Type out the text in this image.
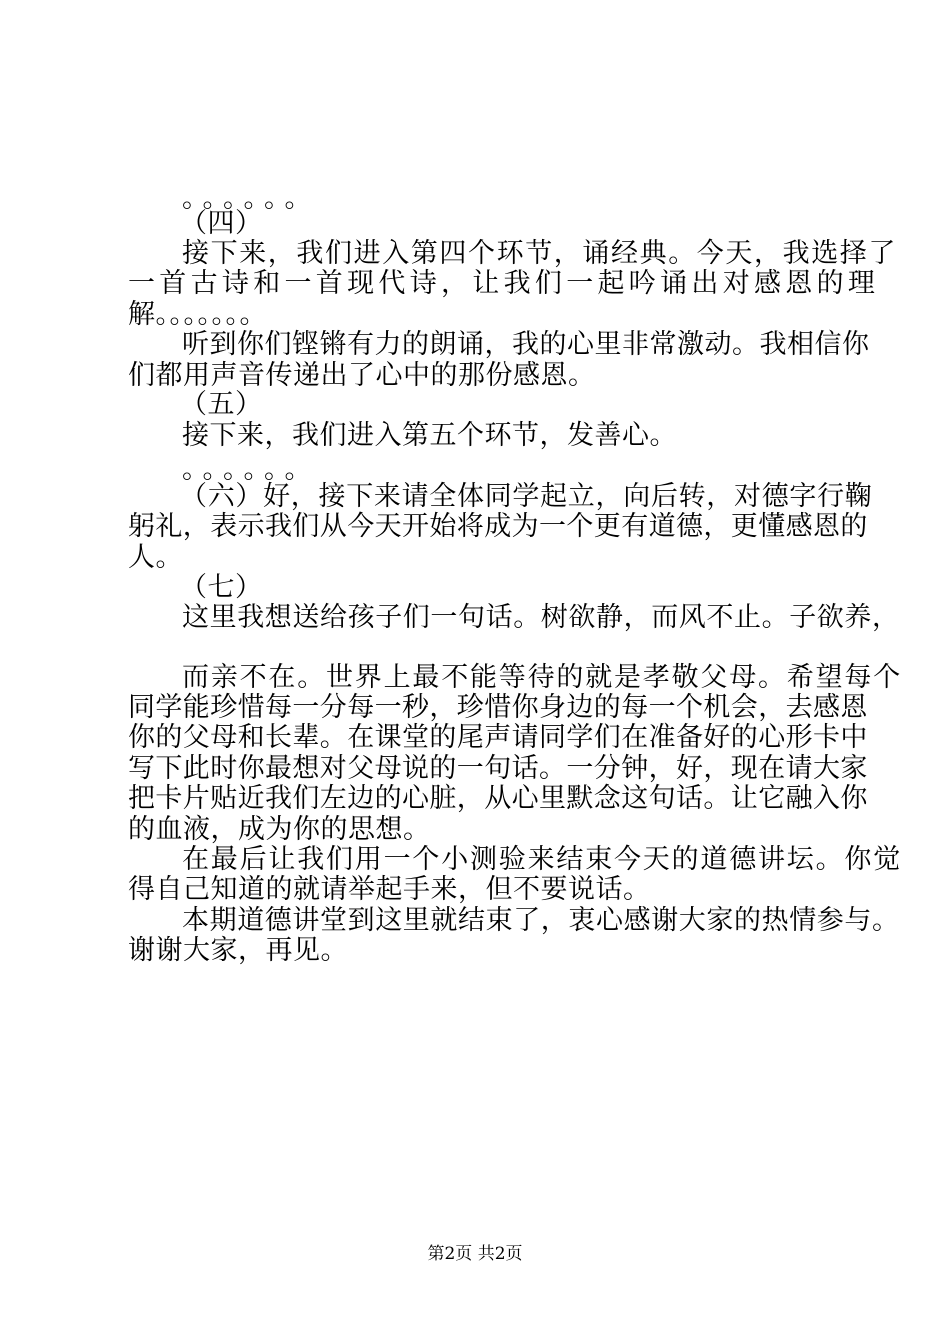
。。。。。。
（四）
接下来，我们进入第四个环节，诵经典。今天，我选择了
一首古诗和一首现代诗，让我们一起吟诵出对感恩的理
解。。。。。。。
听到你们铿锵有力的朗诵，我的心里非常激动。我相信你
们都用声音传递出了心中的那份感恩。
（五）
接下来，我们进入第五个环节，发善心。
。。。。。。
（六）好，接下来请全体同学起立，向后转，对德字行鞠
躬礼，表示我们从今天开始将成为一个更有道德，更懂感恩的
人。
（七）
这里我想送给孩子们一句话。树欲静，而风不止。子欲养，
而亲不在。世界上最不能等待的就是孝敬父母。希望每个
同学能珍惜每一分每一秒，珍惜你身边的每一个机会，去感恩
你的父母和长辈。在课堂的尾声请同学们在准备好的心形卡中
写下此时你最想对父母说的一句话。一分钟，好，现在请大家
把卡片贴近我们左边的心脏，从心里默念这句话。让它融入你
的血液，成为你的思想。
在最后让我们用一个小测验来结束今天的道德讲坛。你觉
得自己知道的就请举起手来，但不要说话。
本期道德讲堂到这里就结束了，衷心感谢大家的热情参与。
谢谢大家，再见。
第2页 共2页
